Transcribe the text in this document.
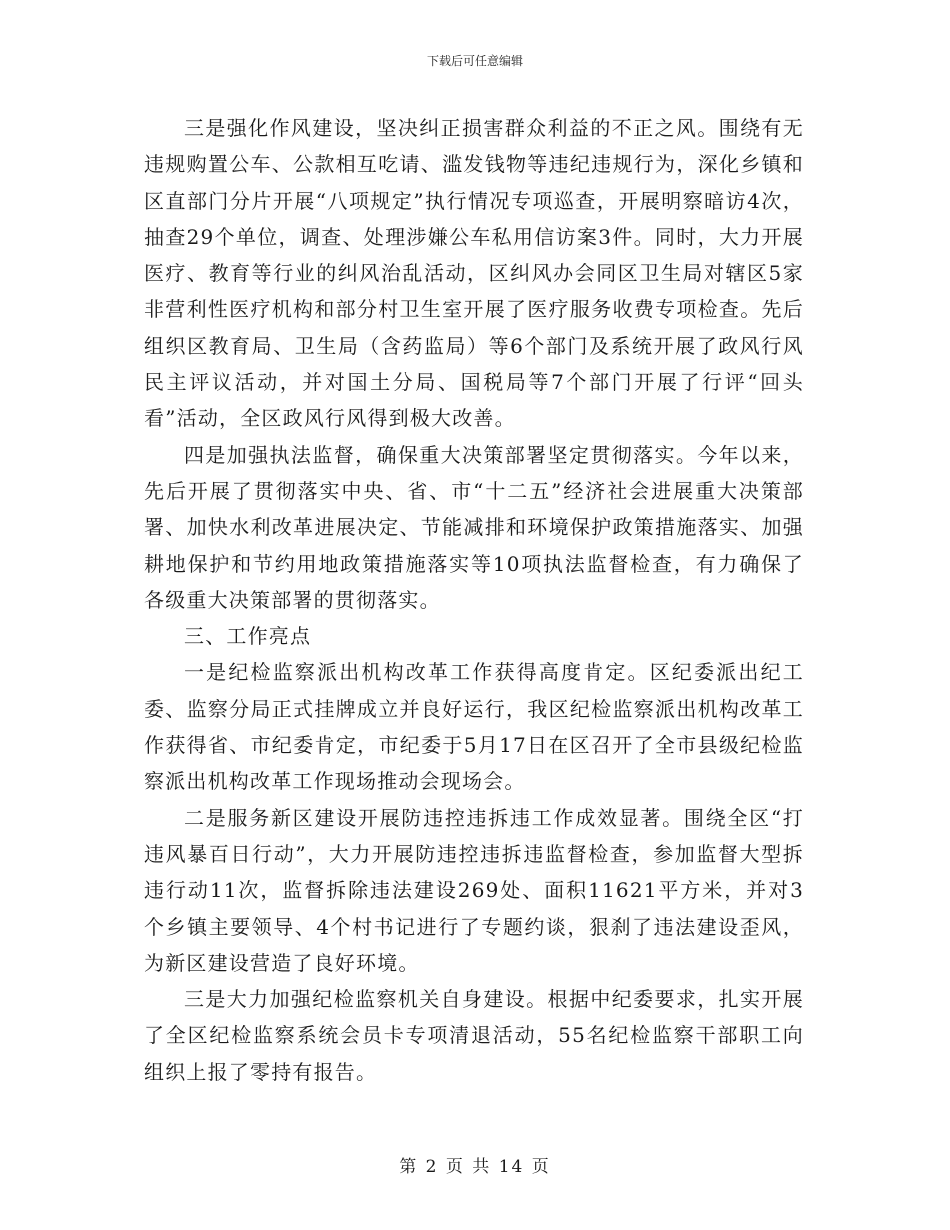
下载后可任意编辑

三是强化作风建设，坚决纠正损害群众利益的不正之风。围绕有无违规购置公车、公款相互吃请、滥发钱物等违纪违规行为，深化乡镇和区直部门分片开展“八项规定”执行情况专项巡查，开展明察暗访4次，抽查29个单位，调查、处理涉嫌公车私用信访案3件。同时，大力开展医疗、教育等行业的纠风治乱活动，区纠风办会同区卫生局对辖区5家非营利性医疗机构和部分村卫生室开展了医疗服务收费专项检查。先后组织区教育局、卫生局（含药监局）等6个部门及系统开展了政风行风民主评议活动，并对国土分局、国税局等7个部门开展了行评“回头看”活动，全区政风行风得到极大改善。

四是加强执法监督，确保重大决策部署坚定贯彻落实。今年以来，先后开展了贯彻落实中央、省、市“十二五”经济社会进展重大决策部署、加快水利改革进展决定、节能减排和环境保护政策措施落实、加强耕地保护和节约用地政策措施落实等10项执法监督检查，有力确保了各级重大决策部署的贯彻落实。

三、工作亮点

一是纪检监察派出机构改革工作获得高度肯定。区纪委派出纪工委、监察分局正式挂牌成立并良好运行，我区纪检监察派出机构改革工作获得省、市纪委肯定，市纪委于5月17日在区召开了全市县级纪检监察派出机构改革工作现场推动会现场会。

二是服务新区建设开展防违控违拆违工作成效显著。围绕全区“打违风暴百日行动”，大力开展防违控违拆违监督检查，参加监督大型拆违行动11次，监督拆除违法建设269处、面积11621平方米，并对3个乡镇主要领导、4个村书记进行了专题约谈，狠刹了违法建设歪风，为新区建设营造了良好环境。

三是大力加强纪检监察机关自身建设。根据中纪委要求，扎实开展了全区纪检监察系统会员卡专项清退活动，55名纪检监察干部职工向组织上报了零持有报告。

第 2 页 共 14 页
